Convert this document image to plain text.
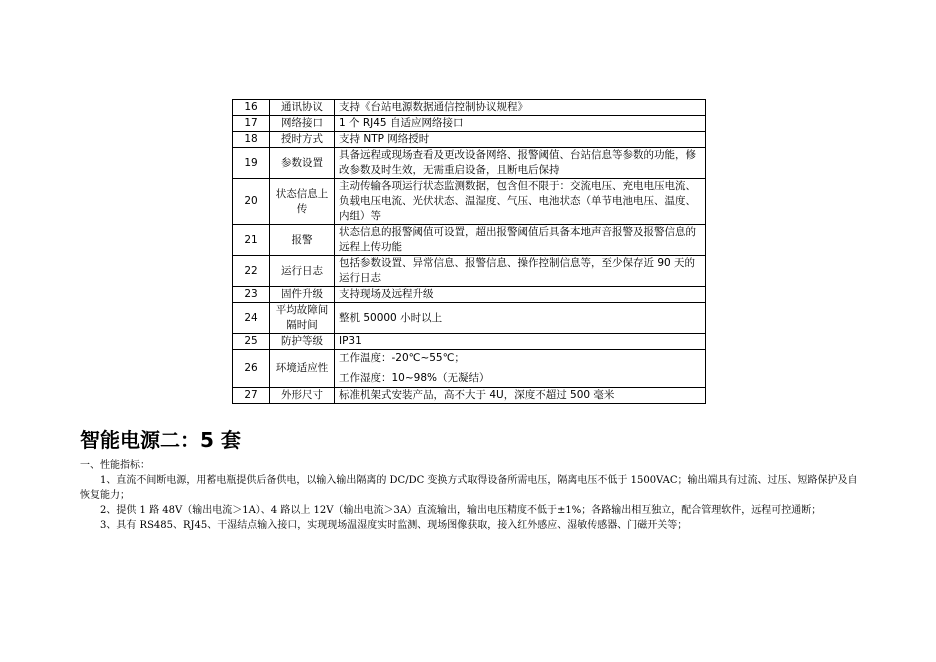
16	通讯协议	支持《台站电源数据通信控制协议规程》
17	网络接口	1 个 RJ45 自适应网络接口
18	授时方式	支持 NTP 网络授时
19	参数设置	具备远程或现场查看及更改设备网络、报警阈值、台站信息等参数的功能，修改参数及时生效，无需重启设备，且断电后保持
20	状态信息上传	主动传输各项运行状态监测数据，包含但不限于：交流电压、充电电压电流、负载电压电流、光伏状态、温湿度、气压、电池状态（单节电池电压、温度、内组）等
21	报警	状态信息的报警阈值可设置，超出报警阈值后具备本地声音报警及报警信息的远程上传功能
22	运行日志	包括参数设置、异常信息、报警信息、操作控制信息等，至少保存近 90 天的运行日志
23	固件升级	支持现场及远程升级
24	平均故障间隔时间	整机 50000 小时以上
25	防护等级	IP31
26	环境适应性	工作温度：-20℃~55℃；
工作湿度：10~98%（无凝结）

27	外形尺寸	标准机架式安装产品，高不大于 4U，深度不超过 500 毫米
智能电源二：5 套

一、性能指标：

1、直流不间断电源，用蓄电瓶提供后备供电，以输入输出隔离的 DC/DC 变换方式取得设备所需电压，隔离电压不低于 1500VAC；输出端具有过流、过压、短路保护及自恢复能力；

2、提供 1 路 48V（输出电流＞1A）、4 路以上 12V（输出电流＞3A）直流输出，输出电压精度不低于±1%；各路输出相互独立，配合管理软件，远程可控通断；

3、具有 RS485、RJ45、干湿结点输入接口，实现现场温湿度实时监测、现场图像获取，接入红外感应、湿敏传感器、门磁开关等；
